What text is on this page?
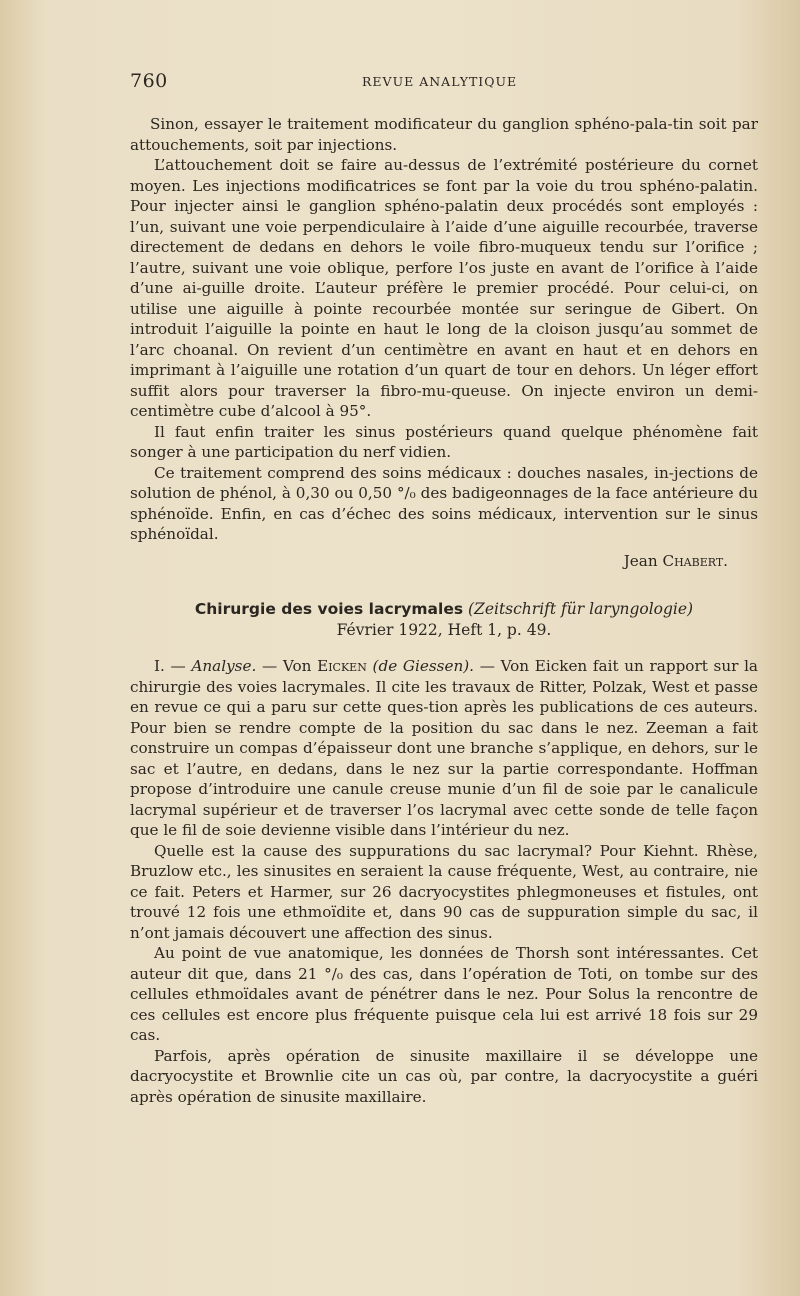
760	REVUE ANALYTIQUE

Sinon, essayer le traitement modificateur du ganglion sphéno-pala-tin soit par attouchements, soit par injections.

L’attouchement doit se faire au-dessus de l’extrémité postérieure du cornet moyen. Les injections modificatrices se font par la voie du trou sphéno-palatin. Pour injecter ainsi le ganglion sphéno-palatin deux procédés sont employés : l’un, suivant une voie perpendiculaire à l’aide d’une aiguille recourbée, traverse directement de dedans en dehors le voile fibro-muqueux tendu sur l’orifice ; l’autre, suivant une voie oblique, perfore l’os juste en avant de l’orifice à l’aide d’une ai-guille droite. L’auteur préfère le premier procédé. Pour celui-ci, on utilise une aiguille à pointe recourbée montée sur seringue de Gibert. On introduit l’aiguille la pointe en haut le long de la cloison jusqu’au sommet de l’arc choanal. On revient d’un centimètre en avant en haut et en dehors en imprimant à l’aiguille une rotation d’un quart de tour en dehors. Un léger effort suffit alors pour traverser la fibro-mu-queuse. On injecte environ un demi-centimètre cube d’alcool à 95°.

Il faut enfin traiter les sinus postérieurs quand quelque phénomène fait songer à une participation du nerf vidien.

Ce traitement comprend des soins médicaux : douches nasales, in-jections de solution de phénol, à 0,30 ou 0,50 °/₀ des badigeonnages de la face antérieure du sphénoïde. Enfin, en cas d’échec des soins médicaux, intervention sur le sinus sphénoïdal.

Jean Chabert.
Chirurgie des voies lacrymales (Zeitschrift für laryngologie)
Février 1922, Heft 1, p. 49.

I. — Analyse. — Von Eicken (de Giessen). — Von Eicken fait un rapport sur la chirurgie des voies lacrymales. Il cite les travaux de Ritter, Polzak, West et passe en revue ce qui a paru sur cette ques-tion après les publications de ces auteurs. Pour bien se rendre compte de la position du sac dans le nez. Zeeman a fait construire un compas d’épaisseur dont une branche s’applique, en dehors, sur le sac et l’autre, en dedans, dans le nez sur la partie correspondante. Hoffman propose d’introduire une canule creuse munie d’un fil de soie par le canalicule lacrymal supérieur et de traverser l’os lacrymal avec cette sonde de telle façon que le fil de soie devienne visible dans l’intérieur du nez.

Quelle est la cause des suppurations du sac lacrymal? Pour Kiehnt. Rhèse, Bruzlow etc., les sinusites en seraient la cause fréquente, West, au contraire, nie ce fait. Peters et Harmer, sur 26 dacryocystites phlegmoneuses et fistules, ont trouvé 12 fois une ethmoïdite et, dans 90 cas de suppuration simple du sac, il n’ont jamais découvert une affection des sinus.

Au point de vue anatomique, les données de Thorsh sont intéressantes. Cet auteur dit que, dans 21 °/₀ des cas, dans l’opération de Toti, on tombe sur des cellules ethmoïdales avant de pénétrer dans le nez. Pour Solus la rencontre de ces cellules est encore plus fréquente puisque cela lui est arrivé 18 fois sur 29 cas.

Parfois, après opération de sinusite maxillaire il se développe une dacryocystite et Brownlie cite un cas où, par contre, la dacryocystite a guéri après opération de sinusite maxillaire.
